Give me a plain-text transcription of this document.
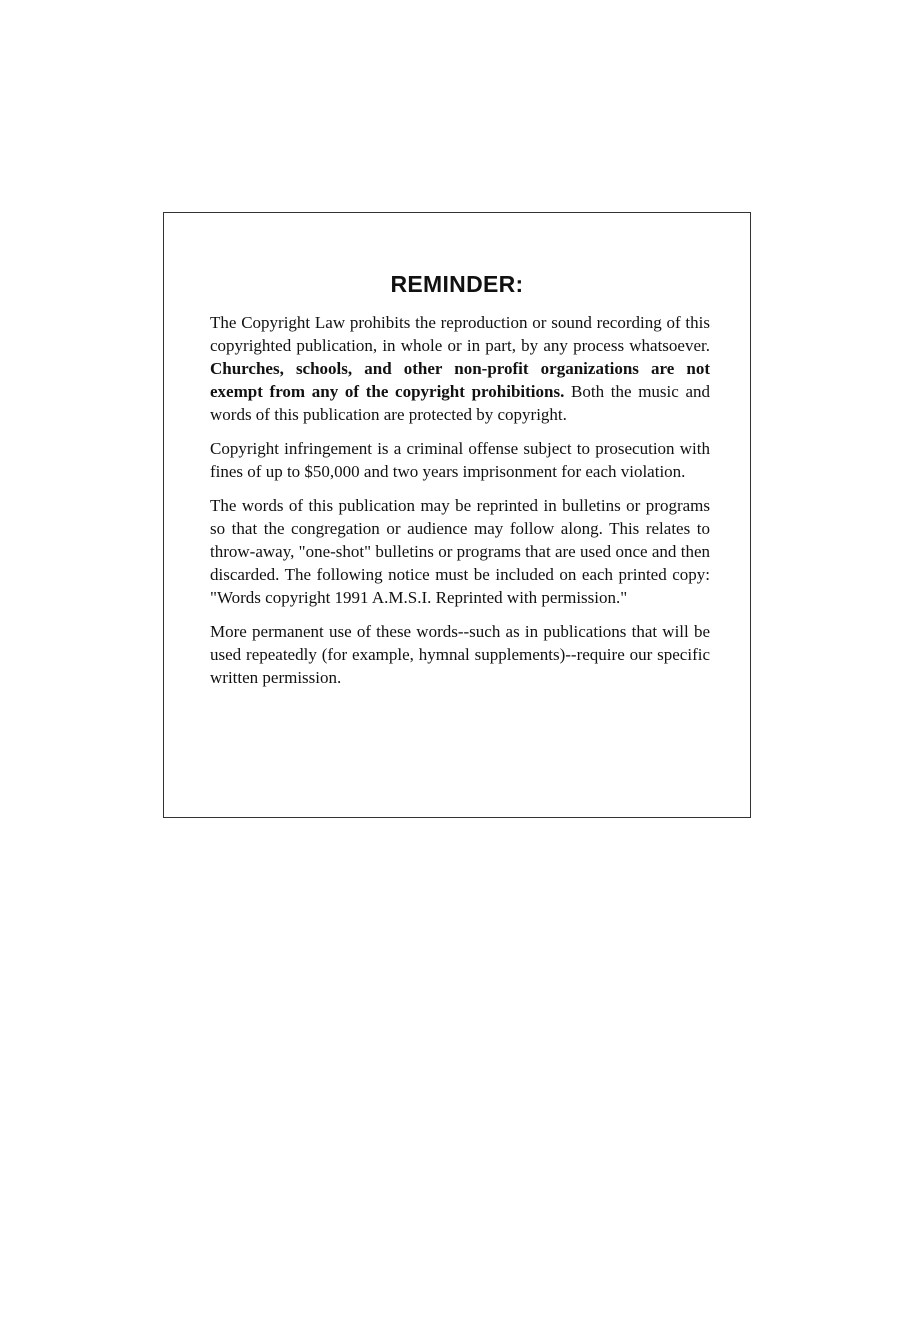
REMINDER:

The Copyright Law prohibits the reproduction or sound recording of this copyrighted publication, in whole or in part, by any process whatsoever. Churches, schools, and other non-profit organizations are not exempt from any of the copyright prohibitions. Both the music and words of this publication are protected by copyright.

Copyright infringement is a criminal offense subject to prosecution with fines of up to $50,000 and two years imprisonment for each violation.

The words of this publication may be reprinted in bulletins or programs so that the congregation or audience may follow along. This relates to throw-away, "one-shot" bulletins or programs that are used once and then discarded. The following notice must be included on each printed copy: "Words copyright 1991 A.M.S.I. Reprinted with permission."

More permanent use of these words--such as in publications that will be used repeatedly (for example, hymnal supplements)--require our specific written permission.
